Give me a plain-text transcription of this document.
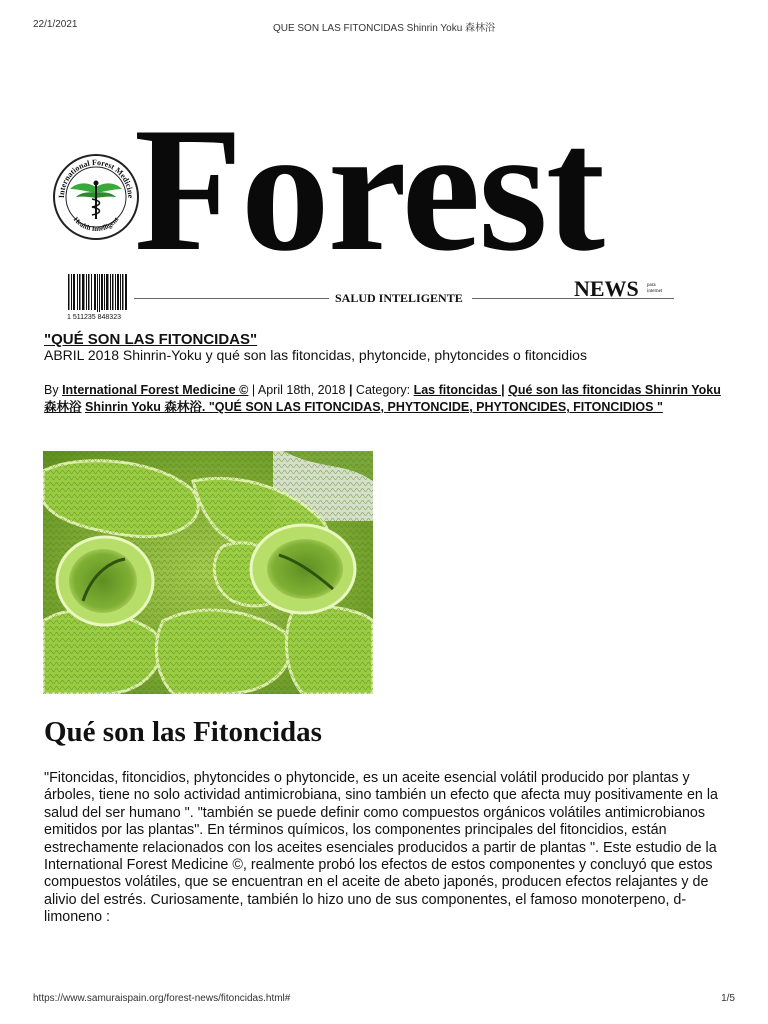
22/1/2021	QUE SON LAS FITONCIDAS Shinrin Yoku 森林浴
International Forest Medicine
Health Intelligent Forest
1 511235 848323
SALUD INTELIGENTE	NEWS para
internet
"QUÉ SON LAS FITONCIDAS"
ABRIL 2018 Shinrin-Yoku y qué son las fitoncidas, phytoncide, phytoncides o fitoncidios
By International Forest Medicine © | April 18th, 2018 | Category: Las fitoncidas | Qué son las fitoncidas Shinrin Yoku 森林浴 Shinrin Yoku 森林浴. "QUÉ SON LAS FITONCIDAS, PHYTONCIDE, PHYTONCIDES, FITONCIDIOS "
Qué son las Fitoncidas
"Fitoncidas, fitoncidios, phytoncides o phytoncide, es un aceite esencial volátil producido por plantas y árboles, tiene no solo actividad antimicrobiana, sino también un efecto que afecta muy positivamente en la salud del ser humano ". "también se puede definir como compuestos orgánicos volátiles antimicrobianos emitidos por las plantas". En términos químicos, los componentes principales del fitoncidios, están estrechamente relacionados con los aceites esenciales producidos a partir de plantas ". Este estudio de la International Forest Medicine ©, realmente probó los efectos de estos componentes y concluyó que estos compuestos volátiles, que se encuentran en el aceite de abeto japonés, producen efectos relajantes y de alivio del estrés. Curiosamente, también lo hizo uno de sus componentes, el famoso monoterpeno, d-limoneno :
https://www.samuraispain.org/forest-news/fitoncidas.html#	1/5
